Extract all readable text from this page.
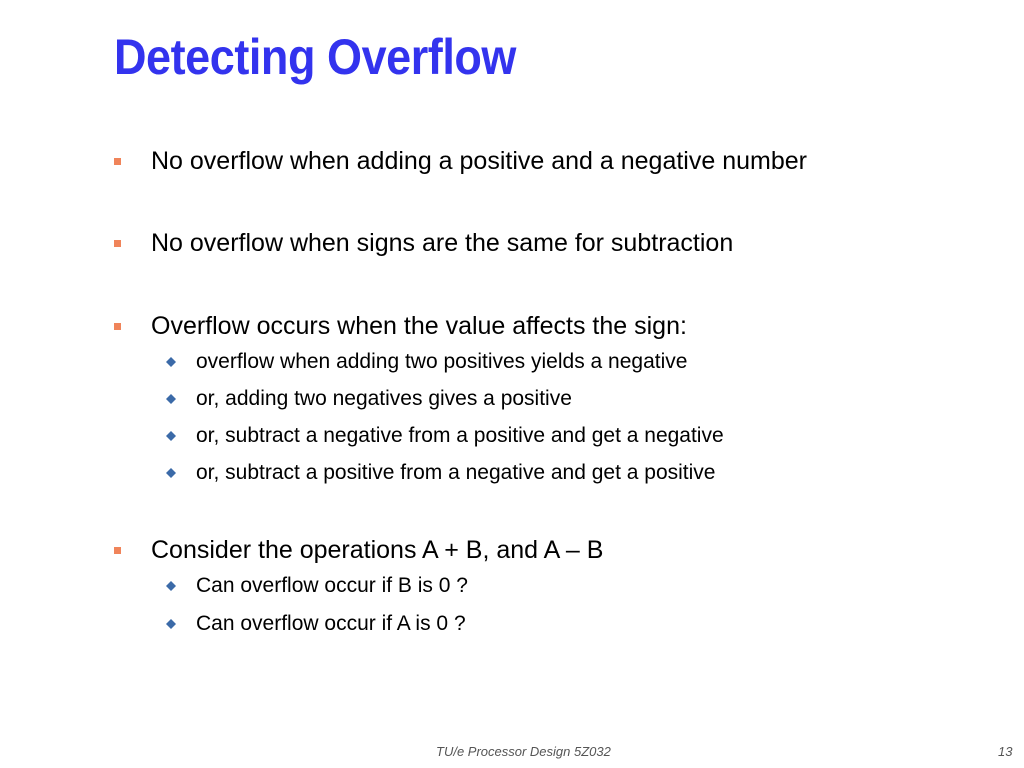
Detecting Overflow
No overflow when adding a positive and a negative number
No overflow when signs are the same for subtraction
Overflow occurs when the value affects the sign:
overflow when adding two positives yields a negative
or, adding two negatives gives a positive
or, subtract a negative from a positive and get a negative
or, subtract a positive from a negative and get a positive
Consider the operations A + B, and A – B
Can overflow occur if B is 0 ?
Can overflow occur if A is 0 ?
TU/e Processor Design 5Z032	13
